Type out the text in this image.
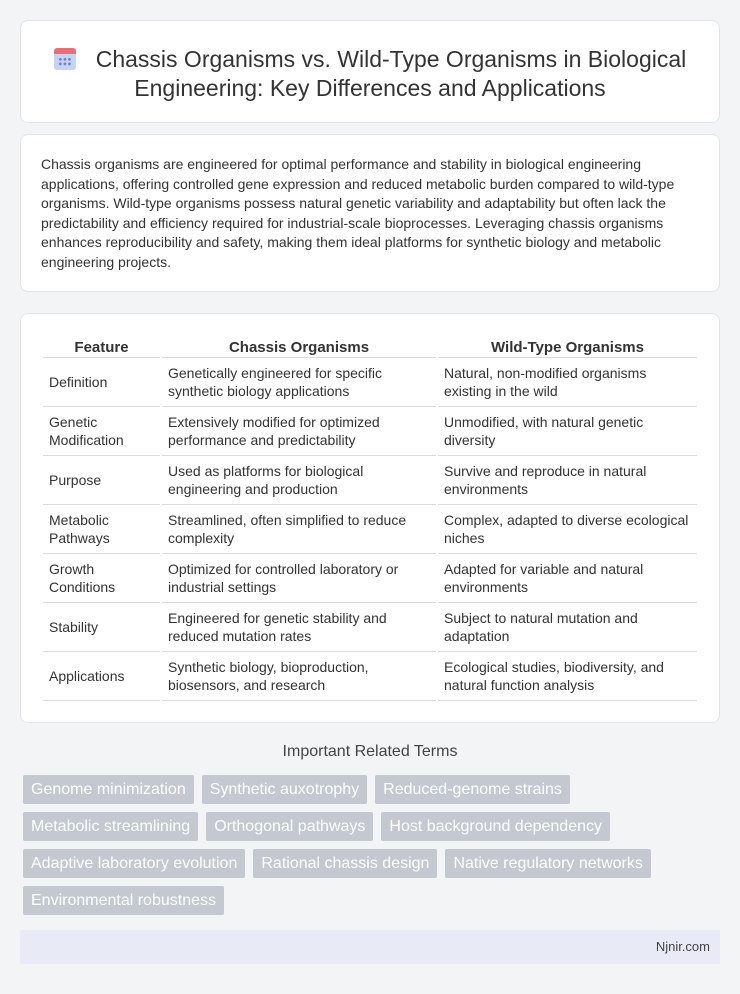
Chassis Organisms vs. Wild-Type Organisms in Biological Engineering: Key Differences and Applications

Chassis organisms are engineered for optimal performance and stability in biological engineering applications, offering controlled gene expression and reduced metabolic burden compared to wild-type organisms. Wild-type organisms possess natural genetic variability and adaptability but often lack the predictability and efficiency required for industrial-scale bioprocesses. Leveraging chassis organisms enhances reproducibility and safety, making them ideal platforms for synthetic biology and metabolic engineering projects.

Feature	Chassis Organisms	Wild-Type Organisms
Definition	Genetically engineered for specific synthetic biology applications	Natural, non-modified organisms existing in the wild
Genetic Modification	Extensively modified for optimized performance and predictability	Unmodified, with natural genetic diversity
Purpose	Used as platforms for biological engineering and production	Survive and reproduce in natural environments
Metabolic Pathways	Streamlined, often simplified to reduce complexity	Complex, adapted to diverse ecological niches
Growth Conditions	Optimized for controlled laboratory or industrial settings	Adapted for variable and natural environments
Stability	Engineered for genetic stability and reduced mutation rates	Subject to natural mutation and adaptation
Applications	Synthetic biology, bioproduction, biosensors, and research	Ecological studies, biodiversity, and natural function analysis
Important Related Terms
Genome minimization	Synthetic auxotrophy	Reduced-genome strains
Metabolic streamlining	Orthogonal pathways	Host background dependency
Adaptive laboratory evolution	Rational chassis design	Native regulatory networks
Environmental robustness
Njnir.com
